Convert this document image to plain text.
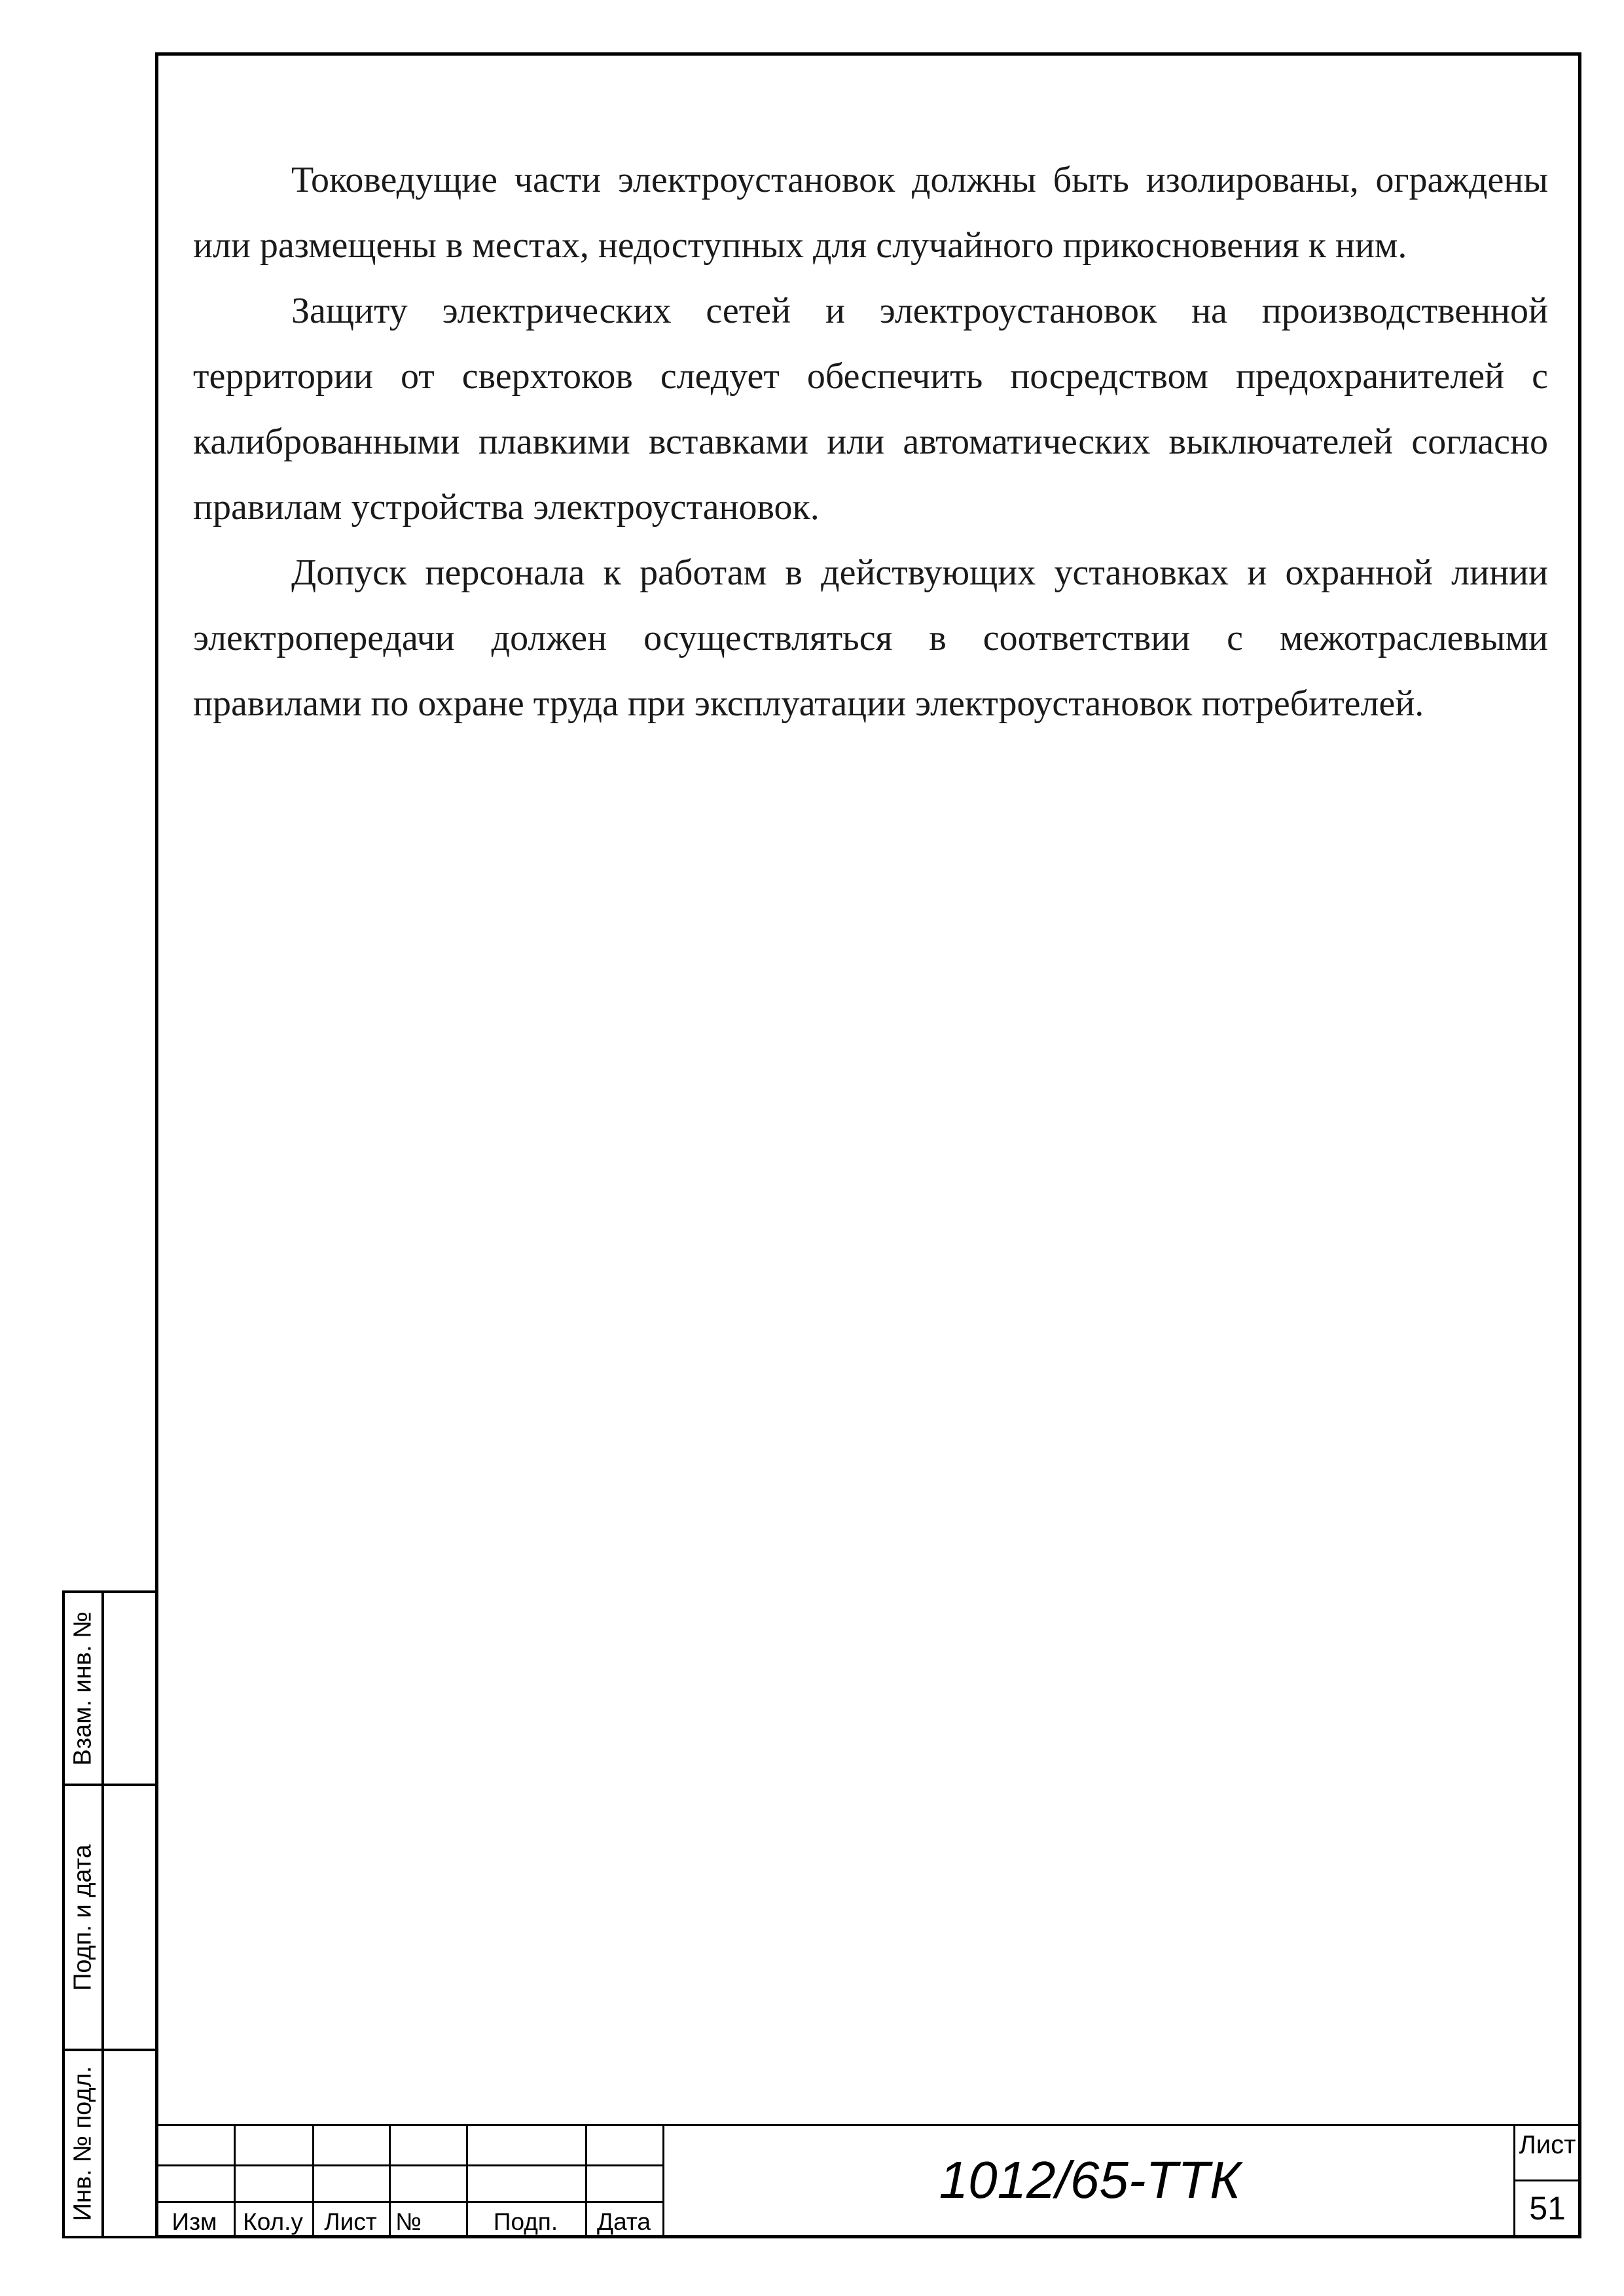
Токоведущие части электроустановок должны быть изолированы, ограждены или размещены в местах, недоступных для случайного прикосновения к ним.

Защиту электрических сетей и электроустановок на производственной территории от сверхтоков следует обеспечить посредством предохранителей с калиброванными плавкими вставками или автоматических выключателей согласно правилам устройства электроустановок.

Допуск персонала к работам в действующих установках и охранной линии электропередачи должен осуществляться в соответствии с межотраслевыми правилами по охране труда при эксплуатации электроустановок потребителей.

Взам. инв. №
Подп. и дата
Инв. № подл.
Изм	Кол.у Лист №	Подп.	Дата
1012/65-ТТК
Лист
51
